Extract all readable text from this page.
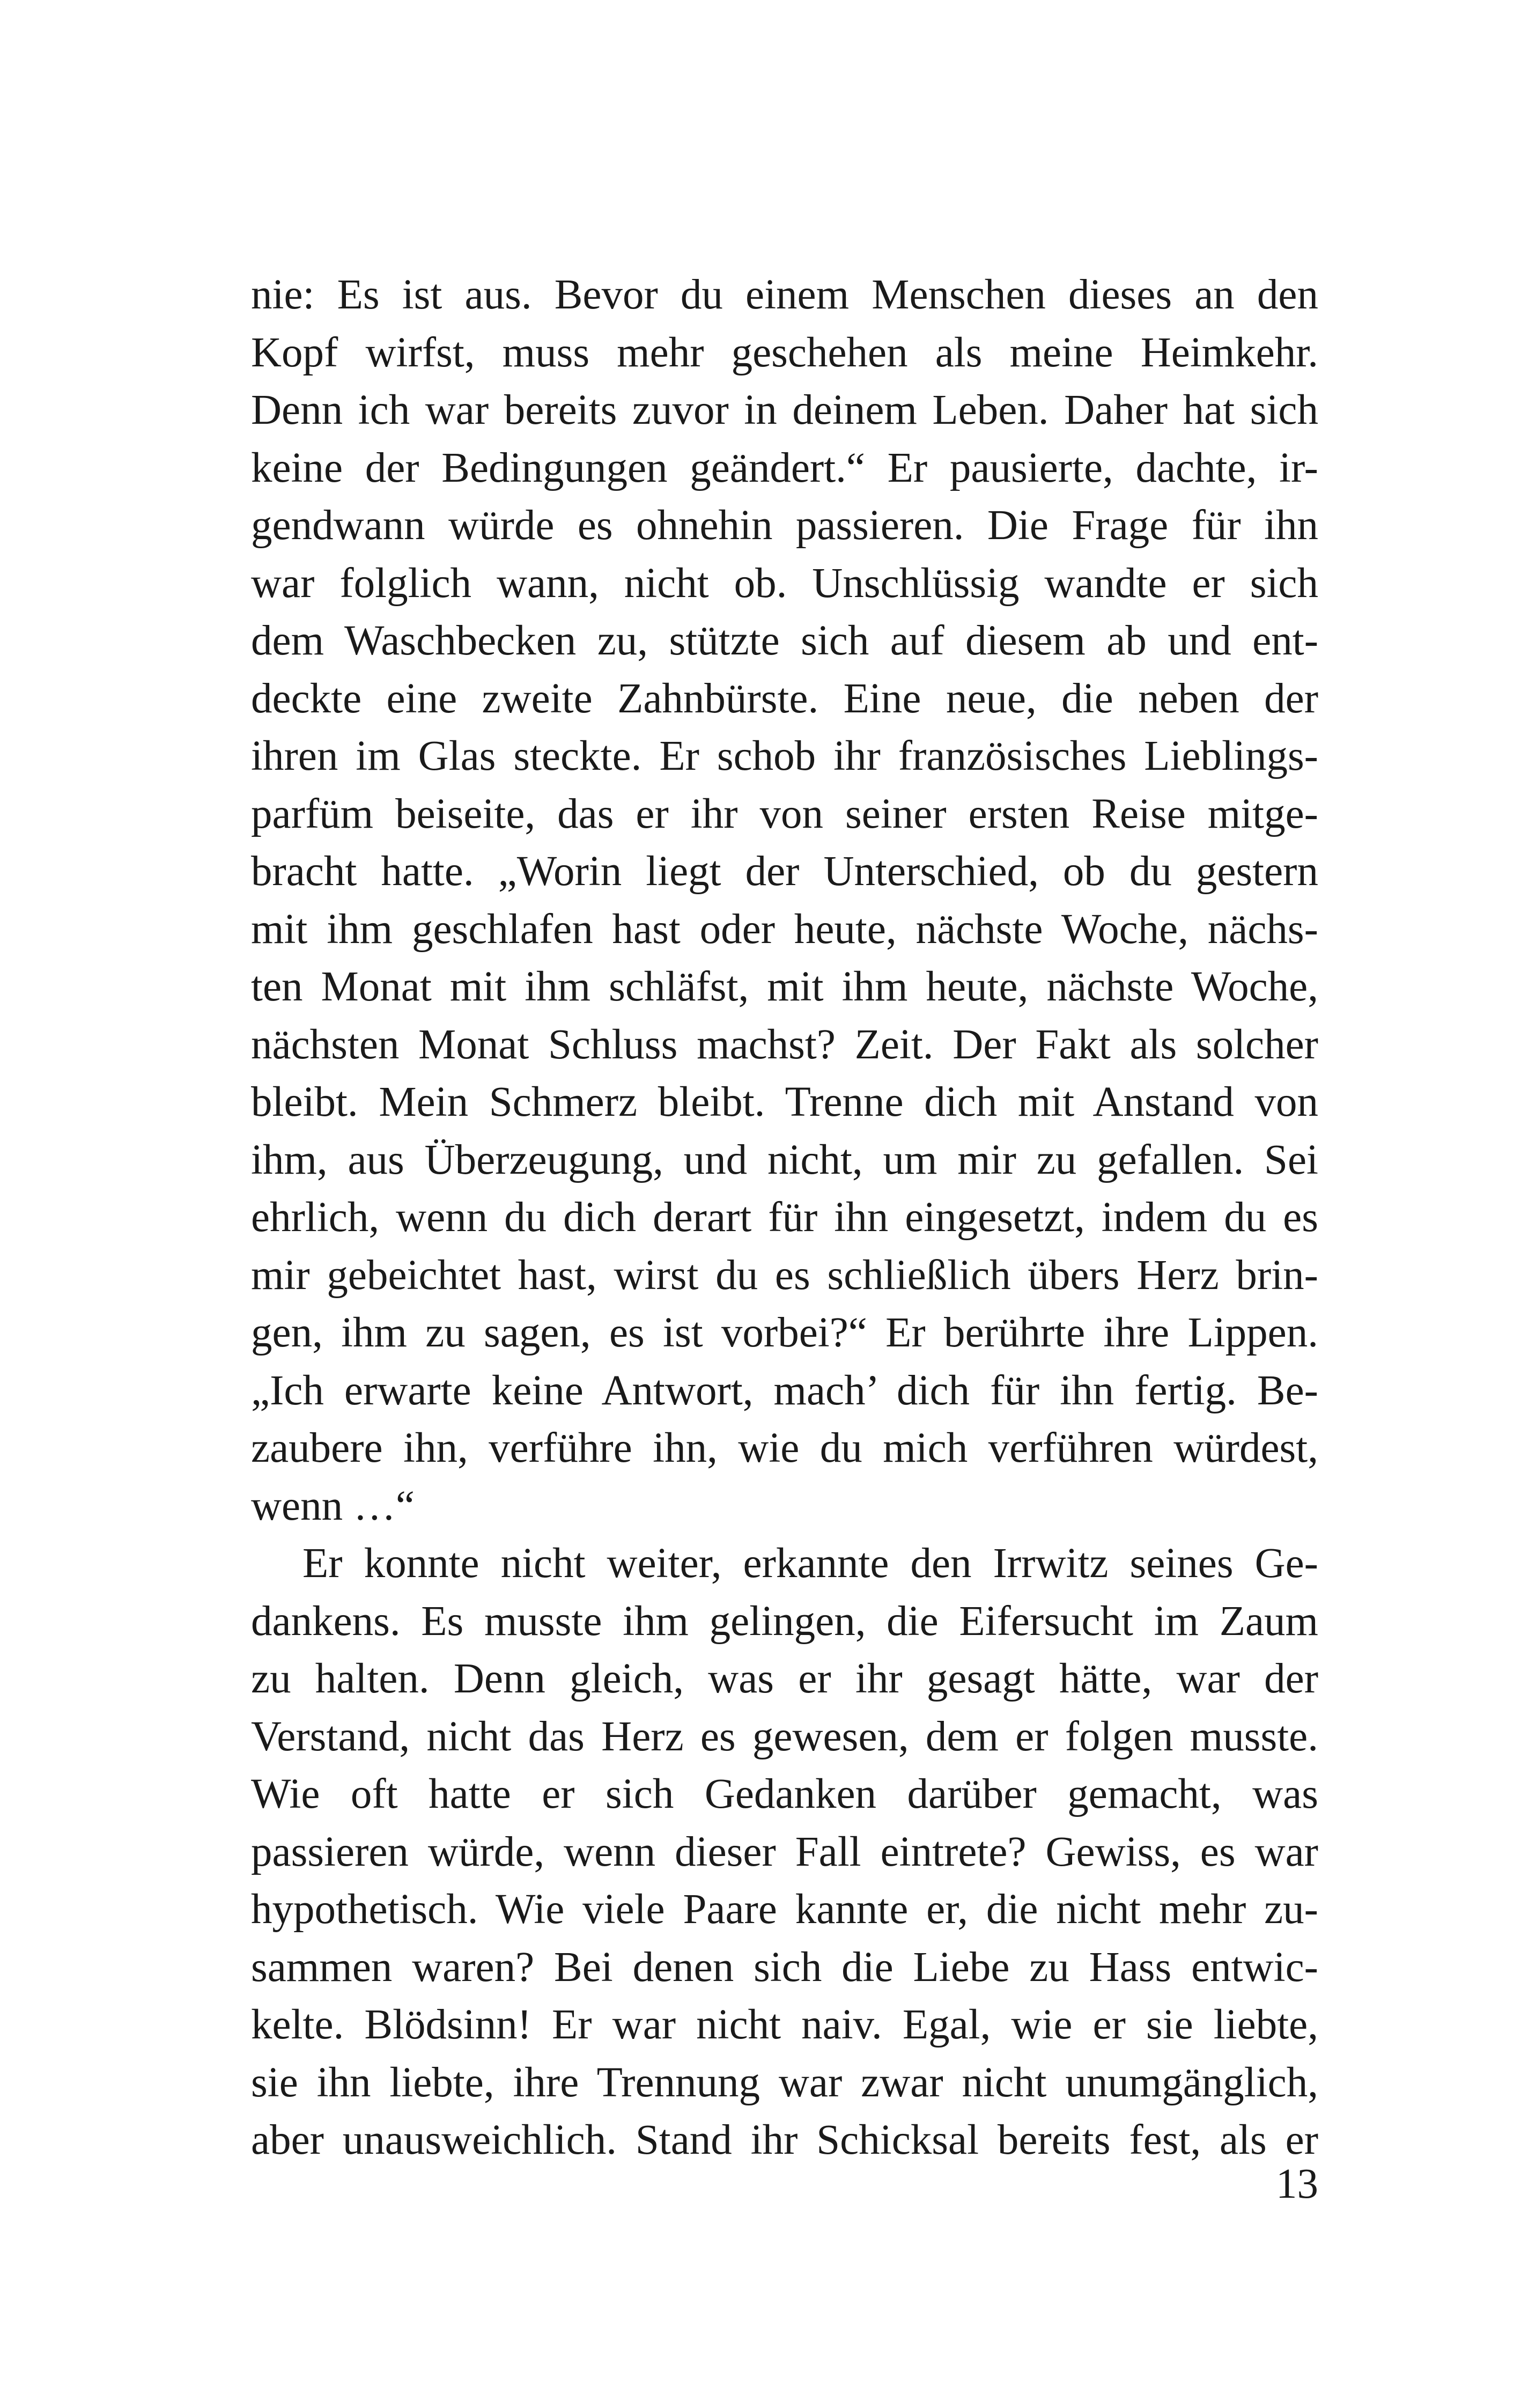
nie: Es ist aus. Bevor du einem Menschen dieses an den
Kopf wirfst, muss mehr geschehen als meine Heimkehr.
Denn ich war bereits zuvor in deinem Leben. Daher hat sich
keine der Bedingungen geändert.“ Er pausierte, dachte, ir-
gendwann würde es ohnehin passieren. Die Frage für ihn
war folglich wann, nicht ob. Unschlüssig wandte er sich
dem Waschbecken zu, stützte sich auf diesem ab und ent-
deckte eine zweite Zahnbürste. Eine neue, die neben der
ihren im Glas steckte. Er schob ihr französisches Lieblings-
parfüm beiseite, das er ihr von seiner ersten Reise mitge-
bracht hatte. „Worin liegt der Unterschied, ob du gestern
mit ihm geschlafen hast oder heute, nächste Woche, nächs-
ten Monat mit ihm schläfst, mit ihm heute, nächste Woche,
nächsten Monat Schluss machst? Zeit. Der Fakt als solcher
bleibt. Mein Schmerz bleibt. Trenne dich mit Anstand von
ihm, aus Überzeugung, und nicht, um mir zu gefallen. Sei
ehrlich, wenn du dich derart für ihn eingesetzt, indem du es
mir gebeichtet hast, wirst du es schließlich übers Herz brin-
gen, ihm zu sagen, es ist vorbei?“ Er berührte ihre Lippen.
„Ich erwarte keine Antwort, mach’ dich für ihn fertig. Be-
zaubere ihn, verführe ihn, wie du mich verführen würdest,
wenn …“
Er konnte nicht weiter, erkannte den Irrwitz seines Ge-
dankens. Es musste ihm gelingen, die Eifersucht im Zaum
zu halten. Denn gleich, was er ihr gesagt hätte, war der
Verstand, nicht das Herz es gewesen, dem er folgen musste.
Wie oft hatte er sich Gedanken darüber gemacht, was
passieren würde, wenn dieser Fall eintrete? Gewiss, es war
hypothetisch. Wie viele Paare kannte er, die nicht mehr zu-
sammen waren? Bei denen sich die Liebe zu Hass entwic-
kelte. Blödsinn! Er war nicht naiv. Egal, wie er sie liebte,
sie ihn liebte, ihre Trennung war zwar nicht unumgänglich,
aber unausweichlich. Stand ihr Schicksal bereits fest, als er
13
